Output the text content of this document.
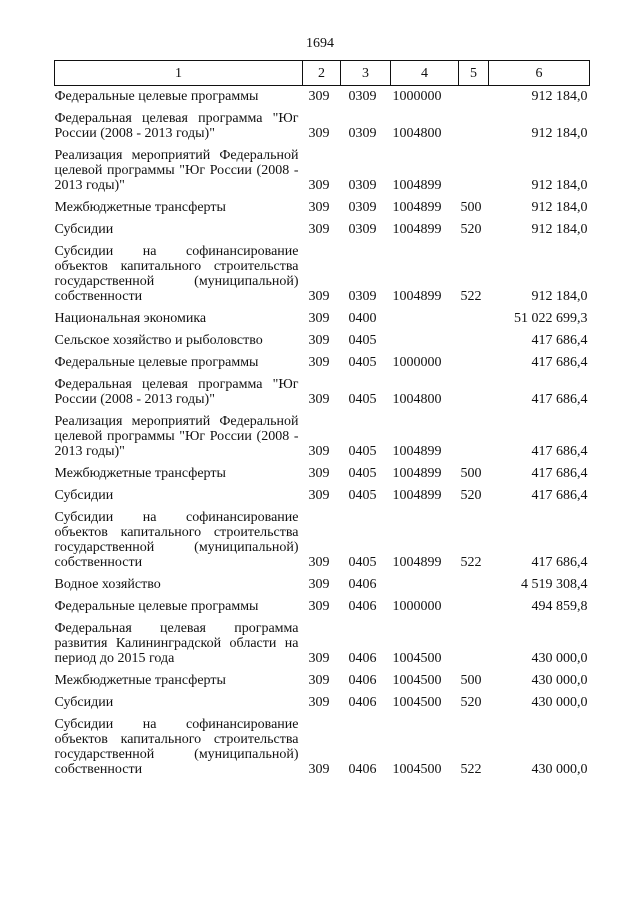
1694
1	2	3	4	5	6
Федеральные целевые программы	309	0309	1000000		912 184,0
Федеральная целевая программа "Юг России (2008 - 2013 годы)"	309	0309	1004800		912 184,0
Реализация мероприятий Федеральной целевой программы "Юг России (2008 - 2013 годы)"	309	0309	1004899		912 184,0
Межбюджетные трансферты	309	0309	1004899	500	912 184,0
Субсидии	309	0309	1004899	520	912 184,0
Субсидии на софинансирование объектов капитального строительства государственной (муниципальной) собственности	309	0309	1004899	522	912 184,0
Национальная экономика	309	0400			51 022 699,3
Сельское хозяйство и рыболовство	309	0405			417 686,4
Федеральные целевые программы	309	0405	1000000		417 686,4
Федеральная целевая программа "Юг России (2008 - 2013 годы)"	309	0405	1004800		417 686,4
Реализация мероприятий Федеральной целевой программы "Юг России (2008 - 2013 годы)"	309	0405	1004899		417 686,4
Межбюджетные трансферты	309	0405	1004899	500	417 686,4
Субсидии	309	0405	1004899	520	417 686,4
Субсидии на софинансирование объектов капитального строительства государственной (муниципальной) собственности	309	0405	1004899	522	417 686,4
Водное хозяйство	309	0406			4 519 308,4
Федеральные целевые программы	309	0406	1000000		494 859,8
Федеральная целевая программа развития Калининградской области на период до 2015 года	309	0406	1004500		430 000,0
Межбюджетные трансферты	309	0406	1004500	500	430 000,0
Субсидии	309	0406	1004500	520	430 000,0
Субсидии на софинансирование объектов капитального строительства государственной (муниципальной) собственности	309	0406	1004500	522	430 000,0
